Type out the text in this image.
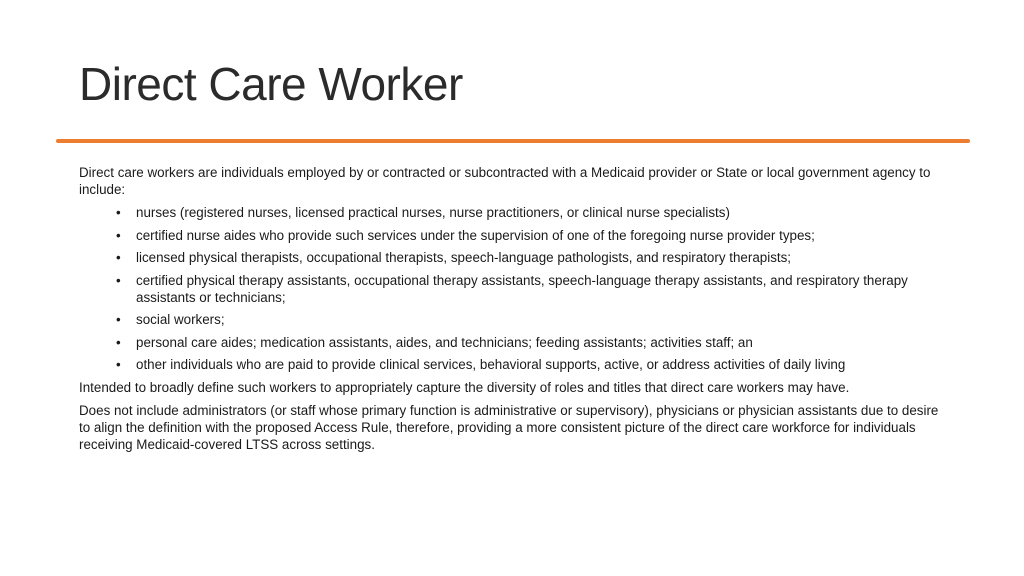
Direct Care Worker

Direct care workers are individuals employed by or contracted or subcontracted with a Medicaid provider or State or local government agency to include:

• nurses (registered nurses, licensed practical nurses, nurse practitioners, or clinical nurse specialists)
• certified nurse aides who provide such services under the supervision of one of the foregoing nurse provider types;
• licensed physical therapists, occupational therapists, speech-language pathologists, and respiratory therapists;
• certified physical therapy assistants, occupational therapy assistants, speech-language therapy assistants, and respiratory therapy assistants or technicians;
• social workers;
• personal care aides; medication assistants, aides, and technicians; feeding assistants; activities staff; an
• other individuals who are paid to provide clinical services, behavioral supports, active, or address activities of daily living

Intended to broadly define such workers to appropriately capture the diversity of roles and titles that direct care workers may have.

Does not include administrators (or staff whose primary function is administrative or supervisory), physicians or physician assistants due to desire to align the definition with the proposed Access Rule, therefore, providing a more consistent picture of the direct care workforce for individuals receiving Medicaid-covered LTSS across settings.
